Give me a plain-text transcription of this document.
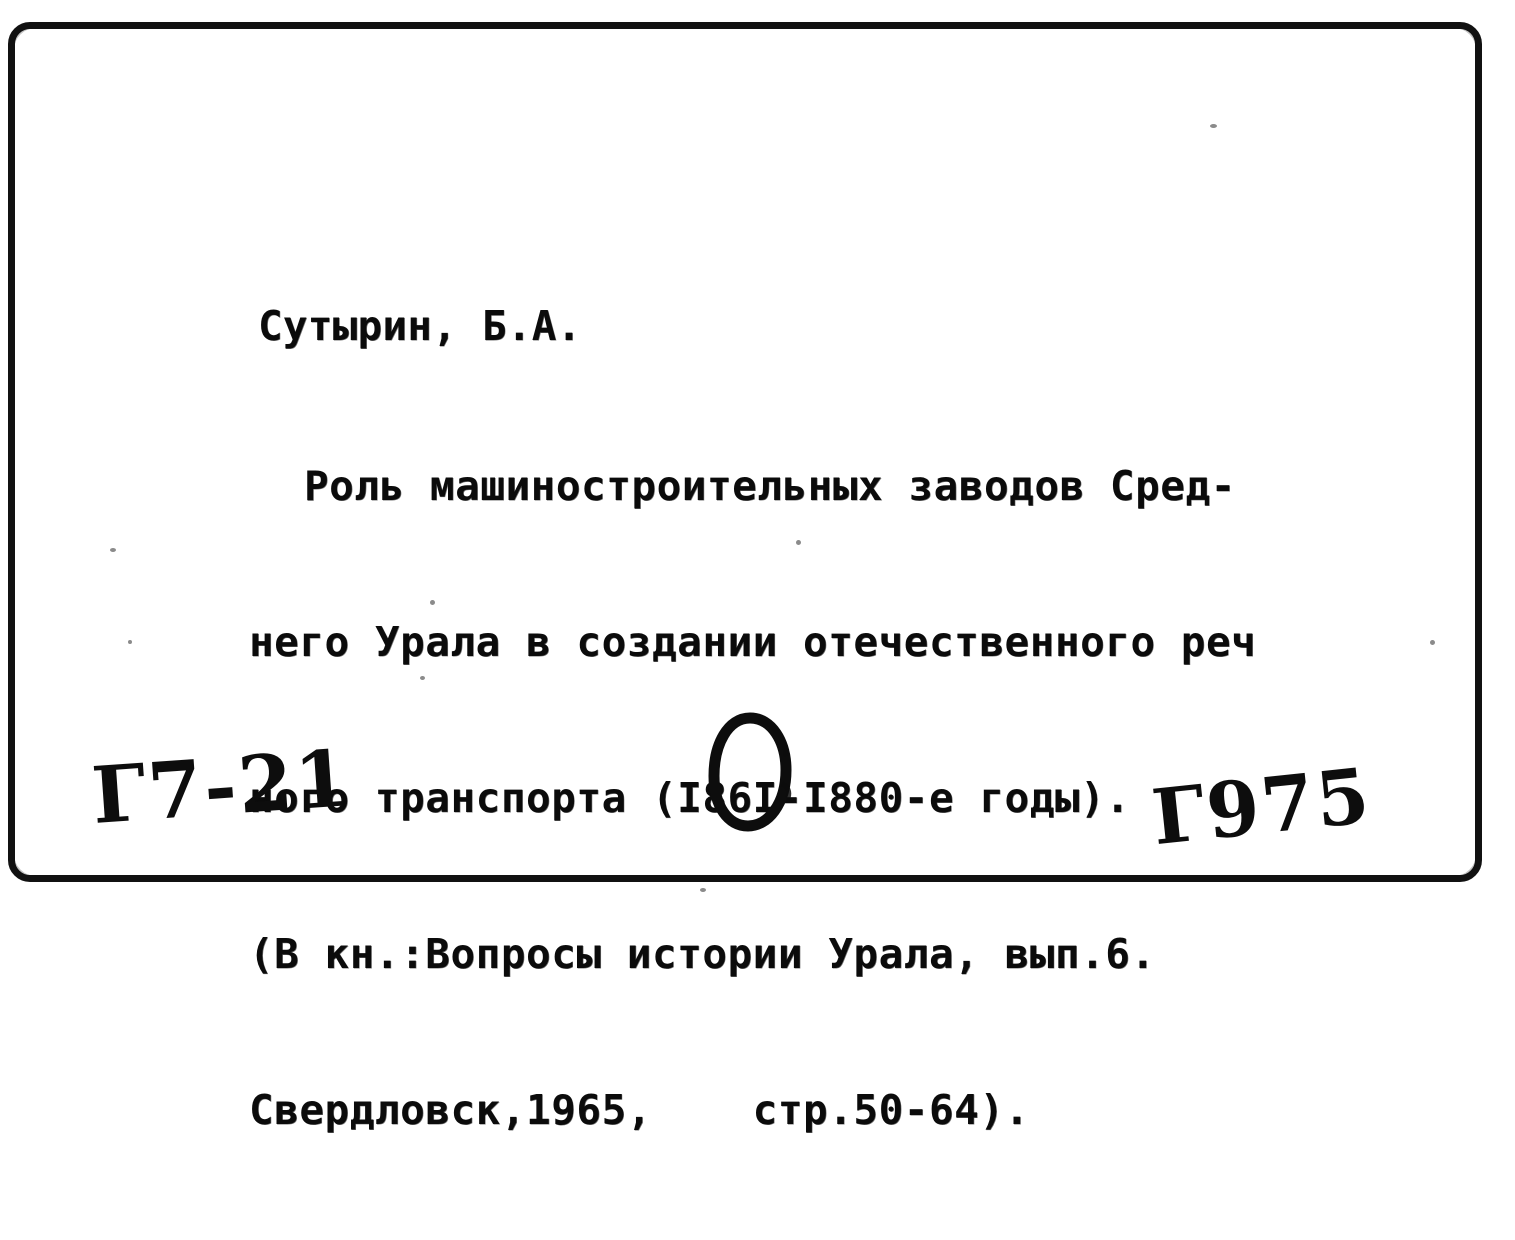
Сутырин, Б.А.

Роль машиностроительных заводов Сред-

него Урала в создании отечественного реч

ного транспорта (I86I-I880-е годы).

(В кн.:Вопросы истории Урала, вып.6.

Свердловск,1965,    стр.50-64).

Г7-21	Г975
